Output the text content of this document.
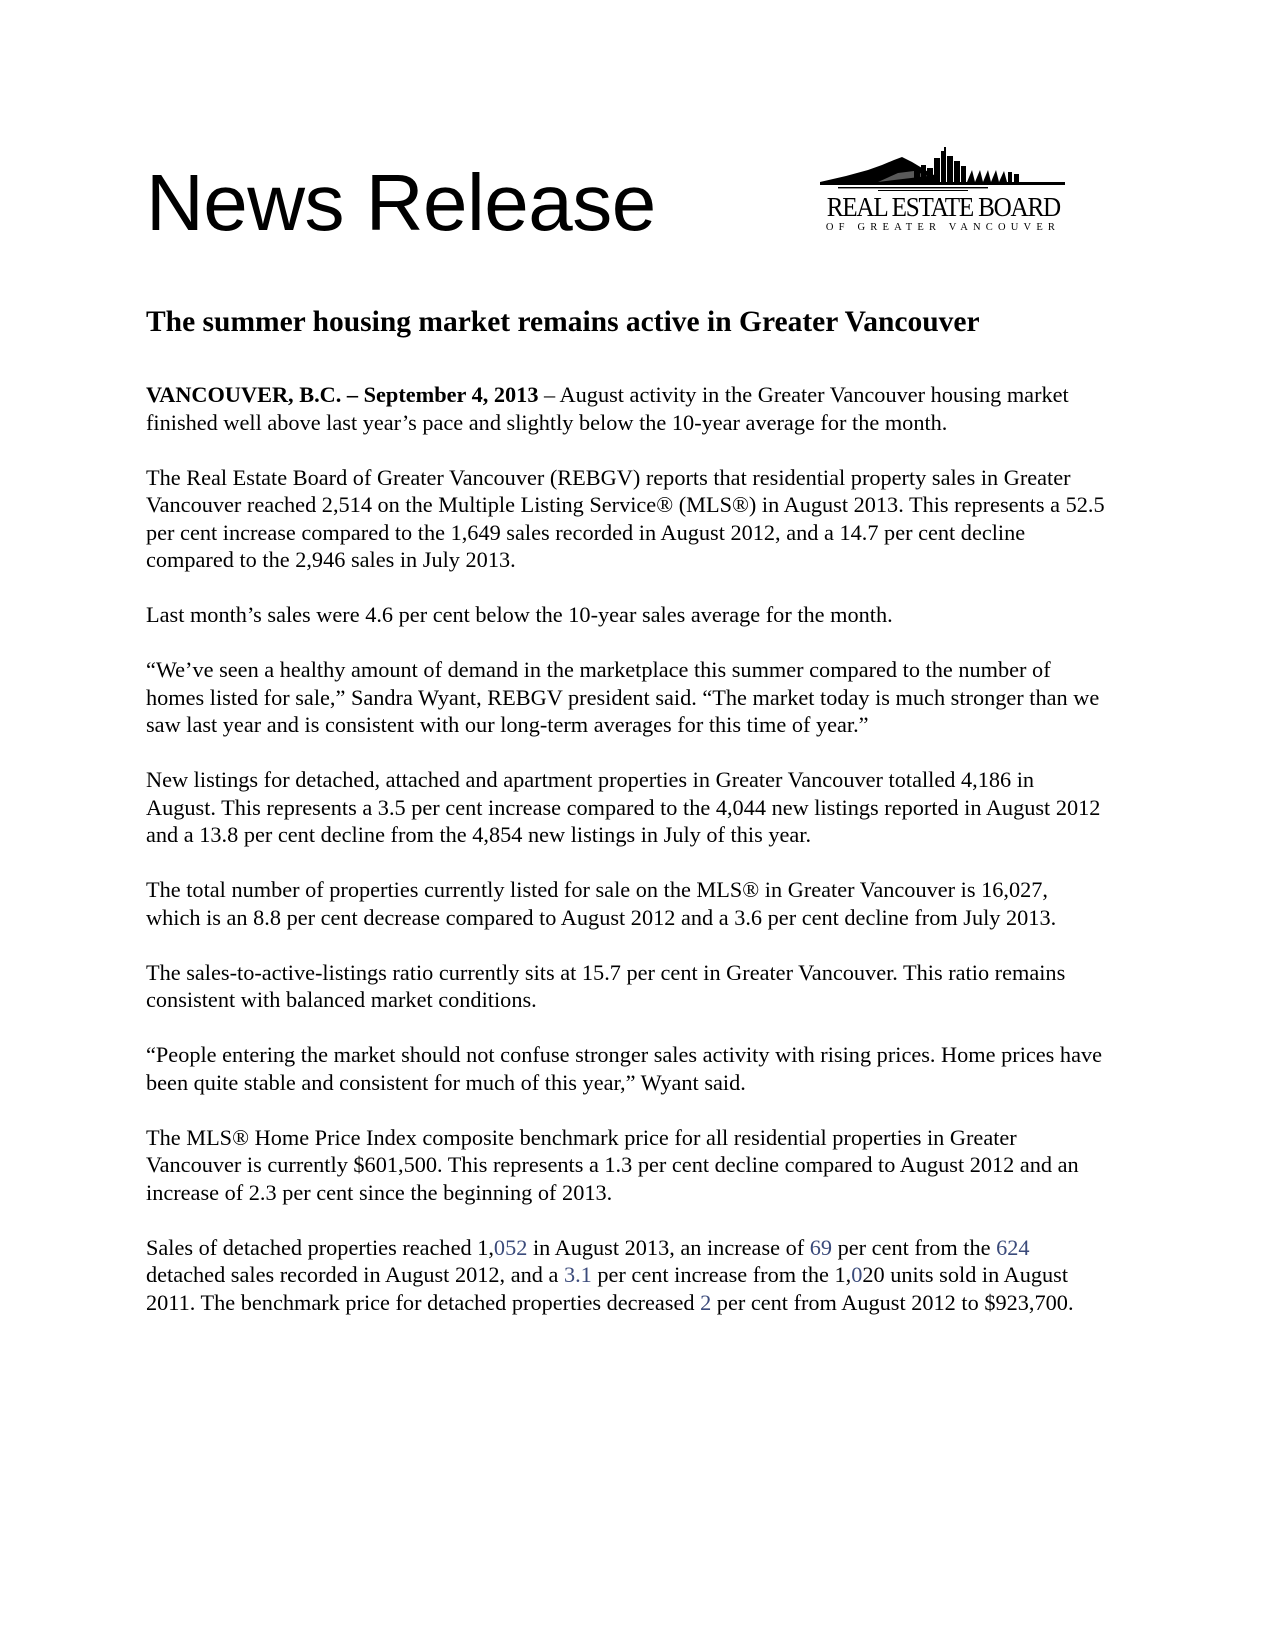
News Release	REAL ESTATE BOARD
OF GREATER VANCOUVER
The summer housing market remains active in Greater Vancouver

VANCOUVER, B.C. – September 4, 2013 – August activity in the Greater Vancouver housing market finished well above last year’s pace and slightly below the 10-year average for the month.

The Real Estate Board of Greater Vancouver (REBGV) reports that residential property sales in Greater Vancouver reached 2,514 on the Multiple Listing Service® (MLS®) in August 2013. This represents a 52.5 per cent increase compared to the 1,649 sales recorded in August 2012, and a 14.7 per cent decline compared to the 2,946 sales in July 2013.

Last month’s sales were 4.6 per cent below the 10-year sales average for the month.

“We’ve seen a healthy amount of demand in the marketplace this summer compared to the number of homes listed for sale,” Sandra Wyant, REBGV president said. “The market today is much stronger than we saw last year and is consistent with our long-term averages for this time of year.”

New listings for detached, attached and apartment properties in Greater Vancouver totalled 4,186 in August. This represents a 3.5 per cent increase compared to the 4,044 new listings reported in August 2012 and a 13.8 per cent decline from the 4,854 new listings in July of this year.

The total number of properties currently listed for sale on the MLS® in Greater Vancouver is 16,027, which is an 8.8 per cent decrease compared to August 2012 and a 3.6 per cent decline from July 2013.

The sales-to-active-listings ratio currently sits at 15.7 per cent in Greater Vancouver. This ratio remains consistent with balanced market conditions.

“People entering the market should not confuse stronger sales activity with rising prices. Home prices have been quite stable and consistent for much of this year,” Wyant said.

The MLS® Home Price Index composite benchmark price for all residential properties in Greater Vancouver is currently $601,500. This represents a 1.3 per cent decline compared to August 2012 and an increase of 2.3 per cent since the beginning of 2013.

Sales of detached properties reached 1,052 in August 2013, an increase of 69 per cent from the 624 detached sales recorded in August 2012, and a 3.1 per cent increase from the 1,020 units sold in August 2011. The benchmark price for detached properties decreased 2 per cent from August 2012 to $923,700.
